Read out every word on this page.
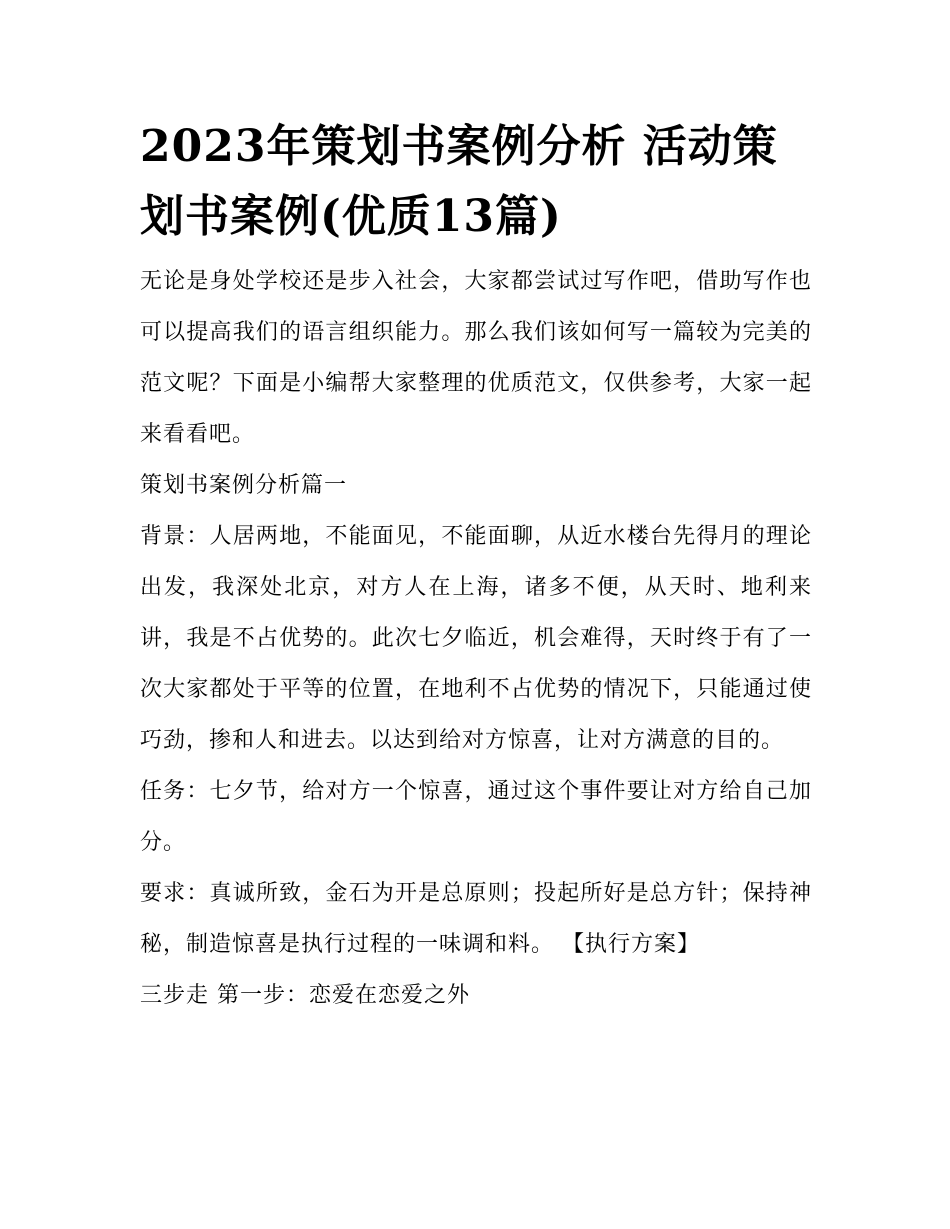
2023年策划书案例分析 活动策划书案例(优质13篇)

无论是身处学校还是步入社会，大家都尝试过写作吧，借助写作也可以提高我们的语言组织能力。那么我们该如何写一篇较为完美的范文呢？下面是小编帮大家整理的优质范文，仅供参考，大家一起来看看吧。

策划书案例分析篇一

背景：人居两地，不能面见，不能面聊，从近水楼台先得月的理论出发，我深处北京，对方人在上海，诸多不便，从天时、地利来讲，我是不占优势的。此次七夕临近，机会难得，天时终于有了一次大家都处于平等的位置，在地利不占优势的情况下，只能通过使巧劲，掺和人和进去。以达到给对方惊喜，让对方满意的目的。

任务：七夕节，给对方一个惊喜，通过这个事件要让对方给自己加分。

要求：真诚所致，金石为开是总原则；投起所好是总方针；保持神秘，制造惊喜是执行过程的一味调和料。 【执行方案】

三步走 第一步：恋爱在恋爱之外
